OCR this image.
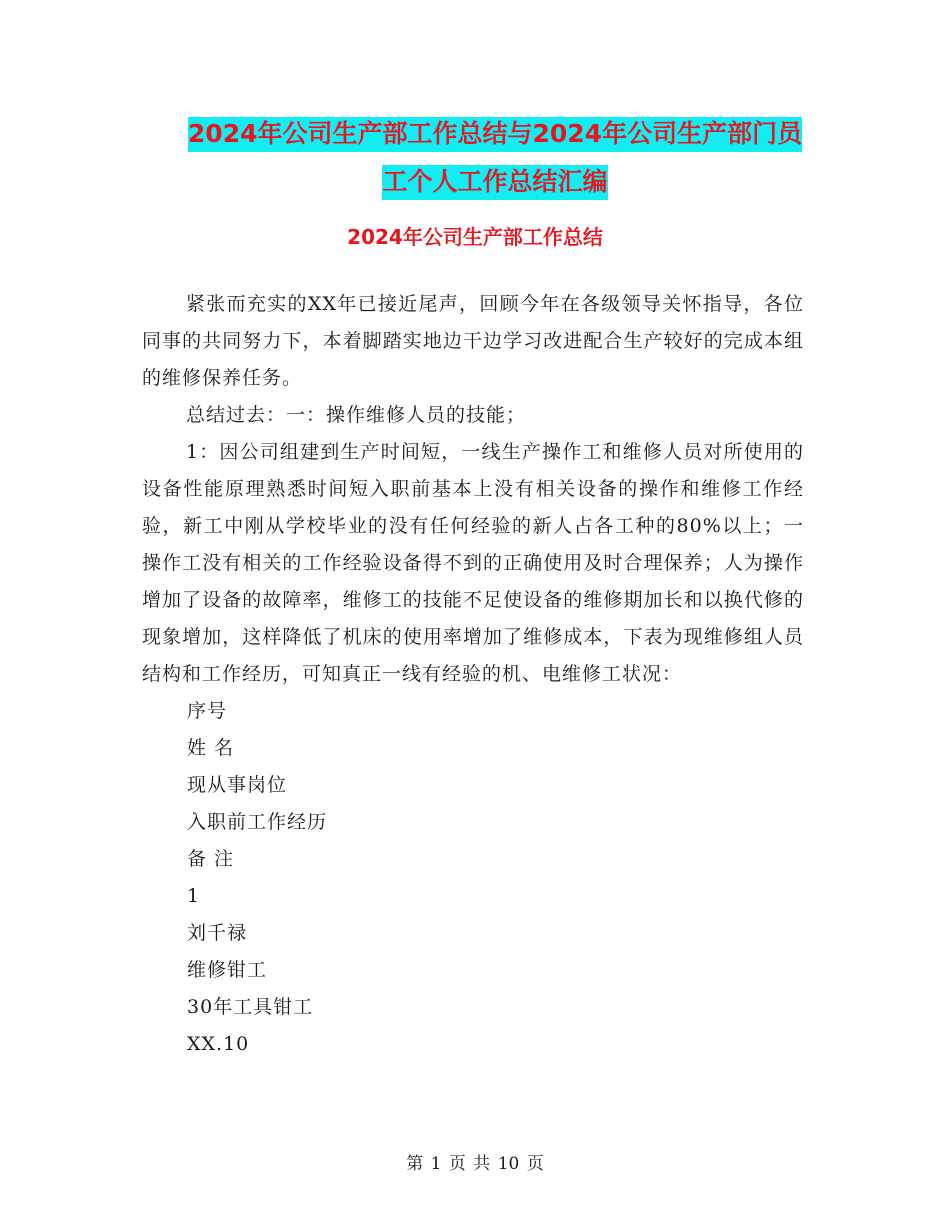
2024年公司生产部工作总结与2024年公司生产部门员
工个人工作总结汇编
2024年公司生产部工作总结

紧张而充实的XX年已接近尾声，回顾今年在各级领导关怀指导，各位同事的共同努力下，本着脚踏实地边干边学习改进配合生产较好的完成本组的维修保养任务。

总结过去：一：操作维修人员的技能；

1：因公司组建到生产时间短，一线生产操作工和维修人员对所使用的设备性能原理熟悉时间短入职前基本上没有相关设备的操作和维修工作经验，新工中刚从学校毕业的没有任何经验的新人占各工种的80%以上；一操作工没有相关的工作经验设备得不到的正确使用及时合理保养；人为操作增加了设备的故障率，维修工的技能不足使设备的维修期加长和以换代修的现象增加，这样降低了机床的使用率增加了维修成本，下表为现维修组人员结构和工作经历，可知真正一线有经验的机、电维修工状况：

序号
姓 名
现从事岗位
入职前工作经历
备 注
1
刘千禄
维修钳工
30年工具钳工
XX.10
第 1 页 共 10 页
